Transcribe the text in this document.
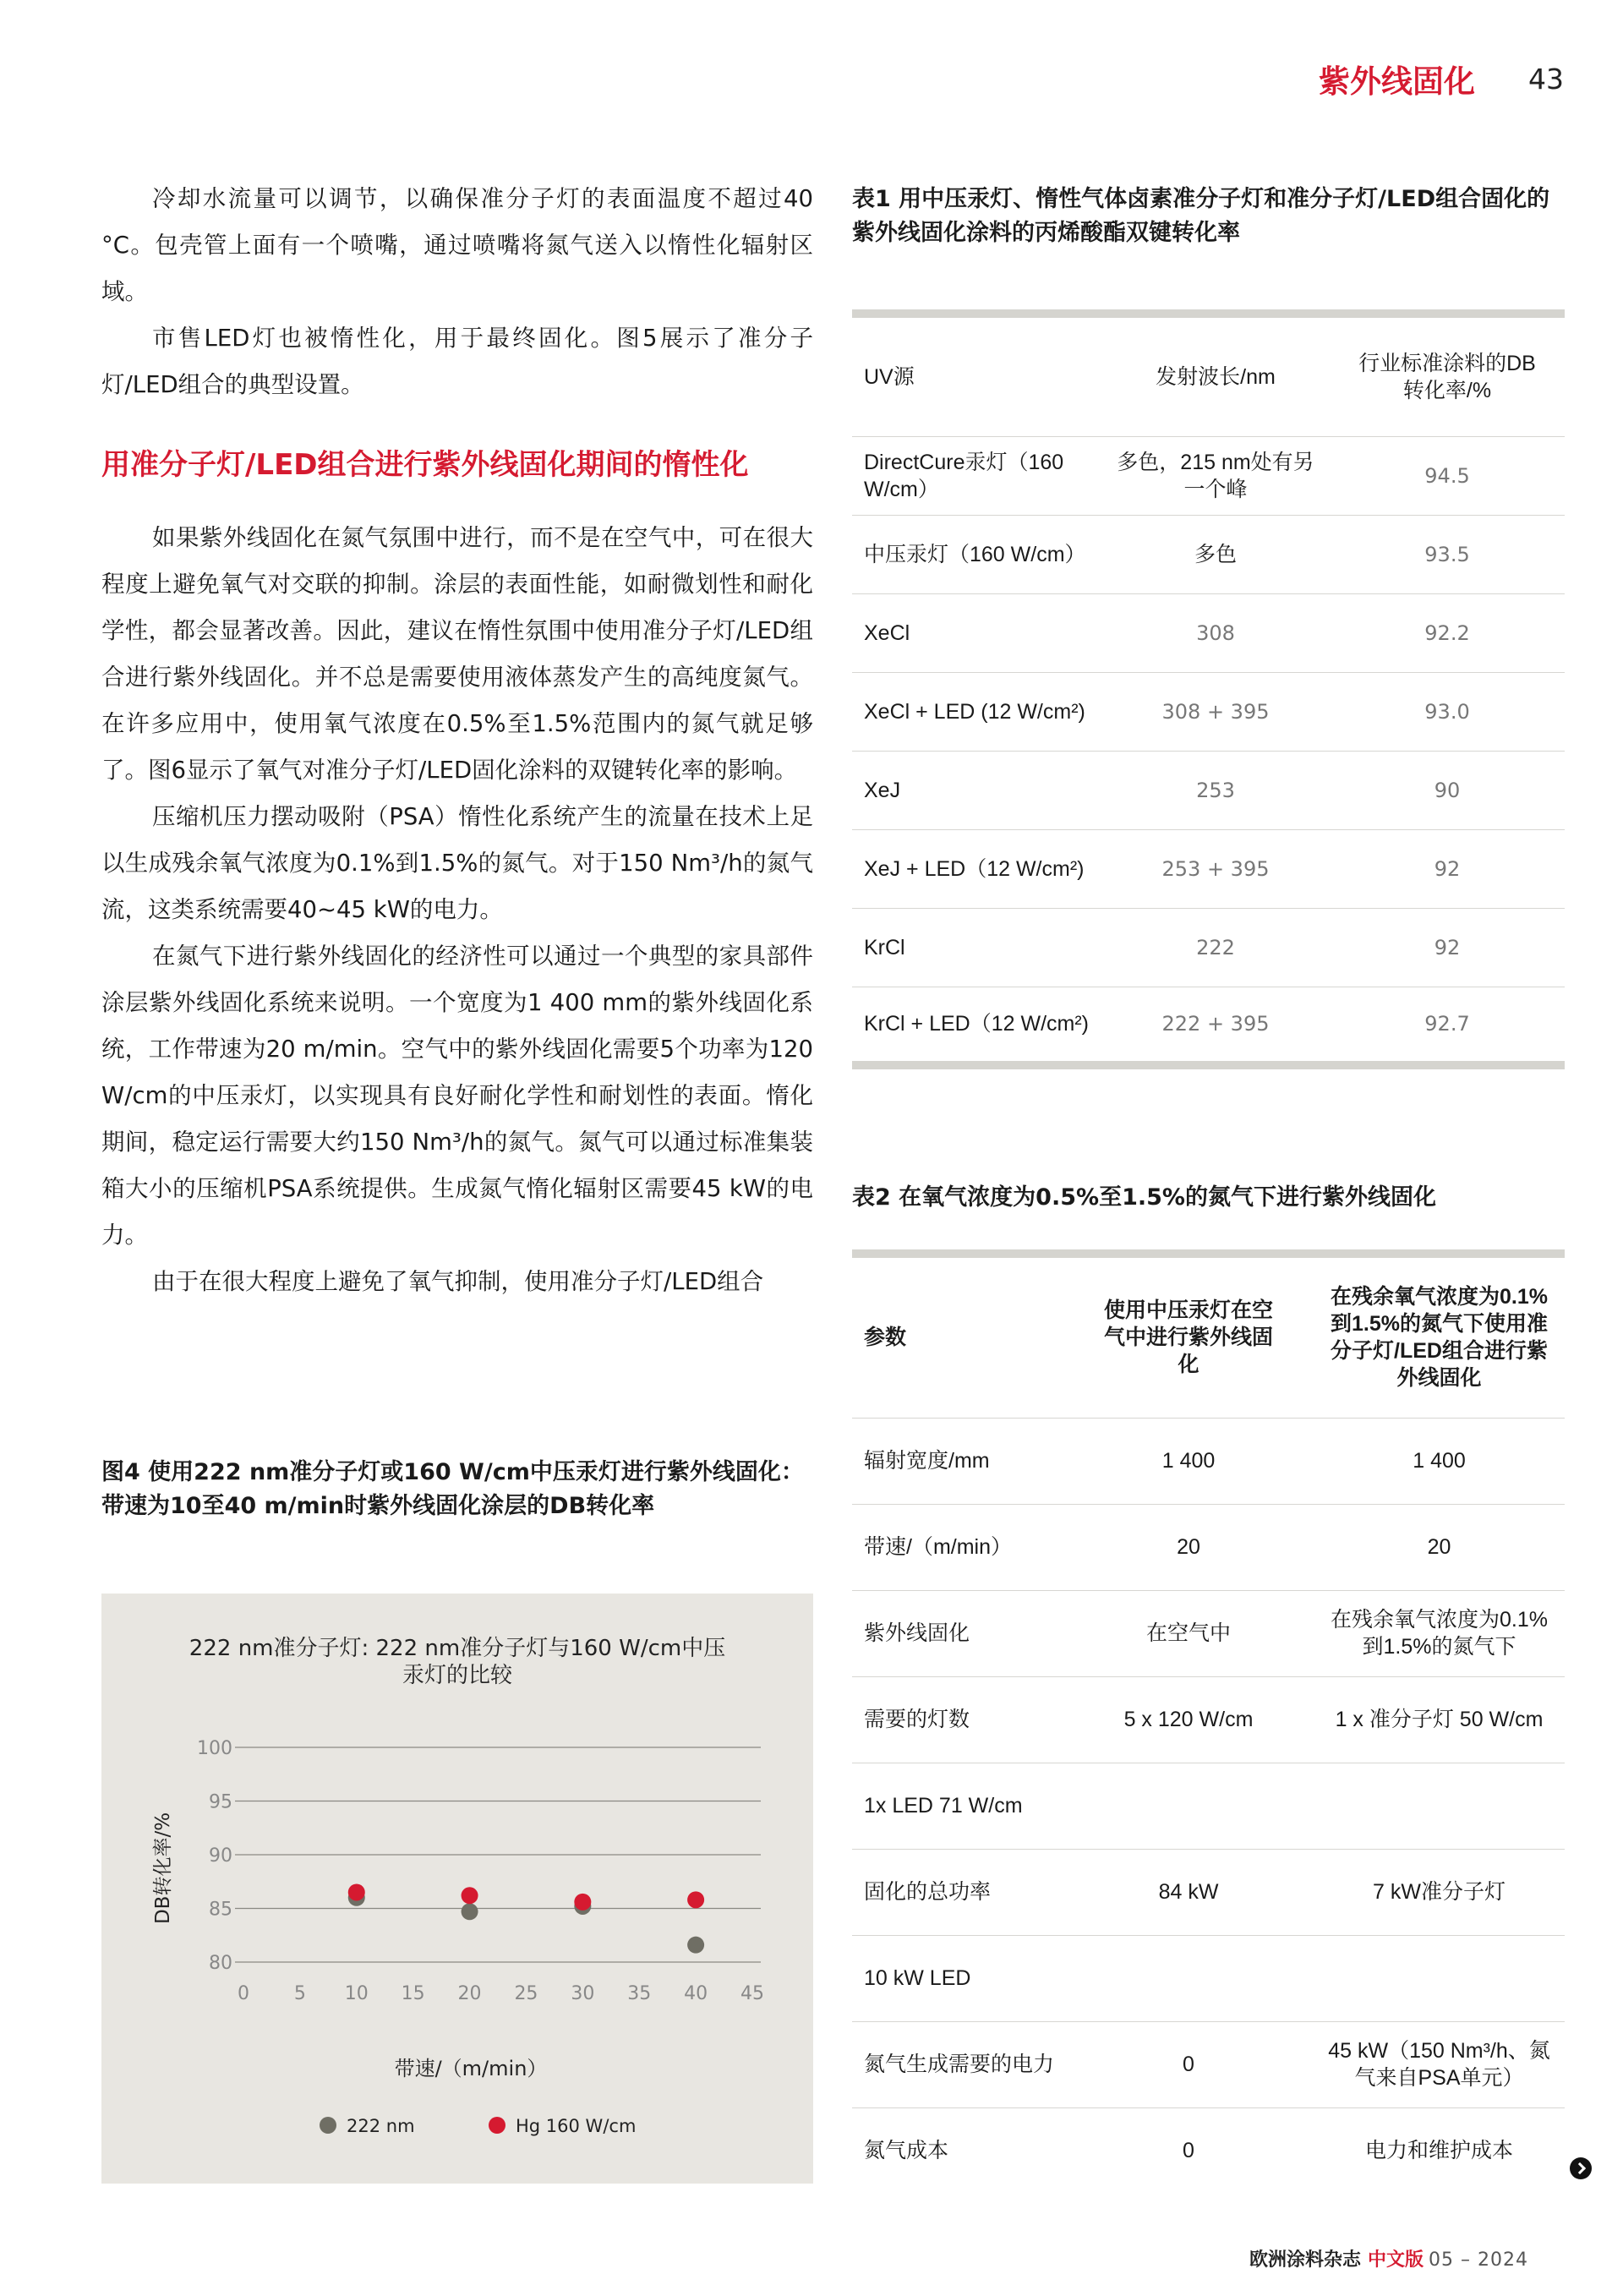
紫外线固化 43

冷却水流量可以调节，以确保准分子灯的表面温度不超过40 °C。包壳管上面有一个喷嘴，通过喷嘴将氮气送入以惰性化辐射区域。

市售LED灯也被惰性化，用于最终固化。图5展示了准分子灯/LED组合的典型设置。

用准分子灯/LED组合进行紫外线固化期间的惰性化

如果紫外线固化在氮气氛围中进行，而不是在空气中，可在很大程度上避免氧气对交联的抑制。涂层的表面性能，如耐微划性和耐化学性，都会显著改善。因此，建议在惰性氛围中使用准分子灯/LED组合进行紫外线固化。并不总是需要使用液体蒸发产生的高纯度氮气。在许多应用中，使用氧气浓度在0.5%至1.5%范围内的氮气就足够了。图6显示了氧气对准分子灯/LED固化涂料的双键转化率的影响。

压缩机压力摆动吸附（PSA）惰性化系统产生的流量在技术上足以生成残余氧气浓度为0.1%到1.5%的氮气。对于150 Nm³/h的氮气流，这类系统需要40~45 kW的电力。

在氮气下进行紫外线固化的经济性可以通过一个典型的家具部件涂层紫外线固化系统来说明。一个宽度为1 400 mm的紫外线固化系统，工作带速为20 m/min。空气中的紫外线固化需要5个功率为120 W/cm的中压汞灯，以实现具有良好耐化学性和耐划性的表面。惰化期间，稳定运行需要大约150 Nm³/h的氮气。氮气可以通过标准集装箱大小的压缩机PSA系统提供。生成氮气惰化辐射区需要45 kW的电力。

由于在很大程度上避免了氧气抑制，使用准分子灯/LED组合

图4 使用222 nm准分子灯或160 W/cm中压汞灯进行紫外线固化：带速为10至40 m/min时紫外线固化涂层的DB转化率
222 nm准分子灯: 222 nm准分子灯与160 W/cm中压
汞灯的比较
80
85
90
95
100
0 5 10 15 20 25 30 35 40 45
DB转化率/%
带速/（m/min）
222 nm	Hg 160 W/cm
表1 用中压汞灯、惰性气体卤素准分子灯和准分子灯/LED组合固化的紫外线固化涂料的丙烯酸酯双键转化率
UV源	发射波长/nm	行业标准涂料的DB转化率/%
DirectCure汞灯（160 W/cm）	多色，215 nm处有另一个峰	94.5
中压汞灯（160 W/cm）	多色	93.5
XeCl	308	92.2
XeCl + LED (12 W/cm²)	308 + 395	93.0
XeJ	253	90
XeJ + LED（12 W/cm²)	253 + 395	92
KrCl	222	92
KrCl + LED（12 W/cm²)	222 + 395	92.7
表2 在氧气浓度为0.5%至1.5%的氮气下进行紫外线固化
参数	使用中压汞灯在空气中进行紫外线固化	在残余氧气浓度为0.1%到1.5%的氮气下使用准分子灯/LED组合进行紫外线固化
辐射宽度/mm	1 400	1 400
带速/（m/min）	20	20
紫外线固化	在空气中	在残余氧气浓度为0.1%到1.5%的氮气下
需要的灯数	5 x 120 W/cm	1 x 准分子灯 50 W/cm
1x LED 71 W/cm		
固化的总功率	84 kW	7 kW准分子灯
10 kW LED		
氮气生成需要的电力	0	45 kW（150 Nm³/h、氮气来自PSA单元）
氮气成本	0	电力和维护成本
欧洲涂料杂志 中文版 05 – 2024
